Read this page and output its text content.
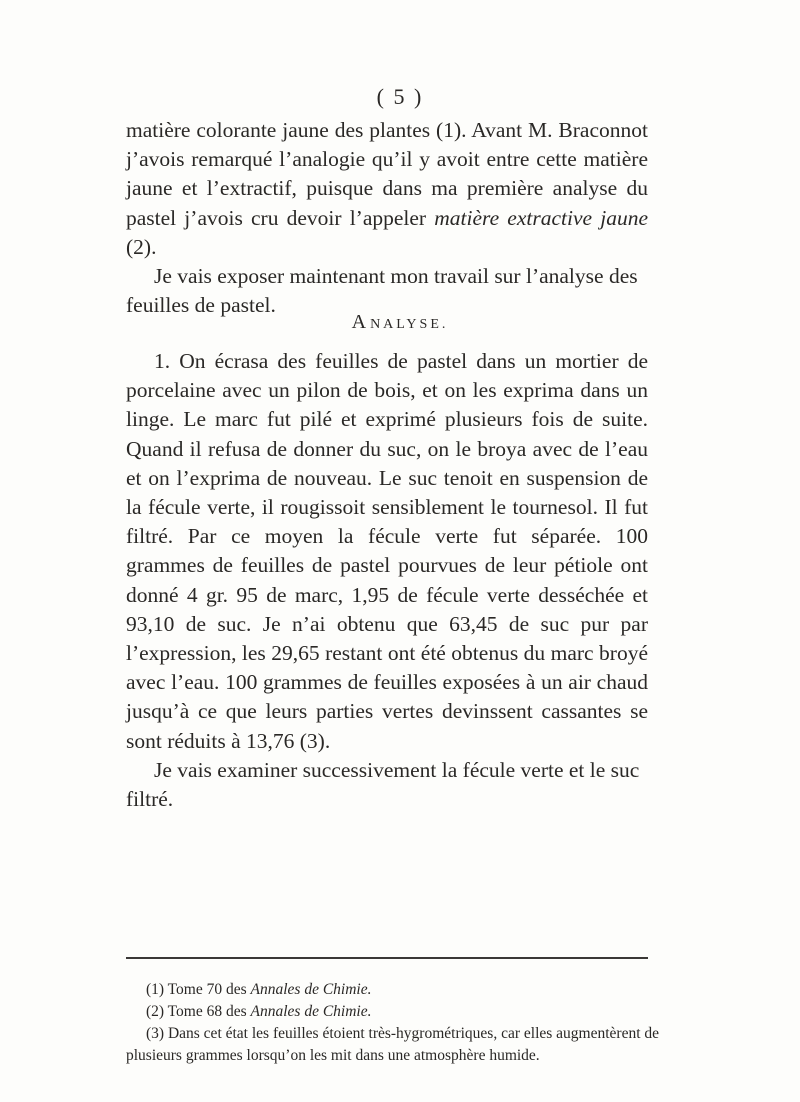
( 5 )

matière colorante jaune des plantes (1). Avant M. Braconnot j’avois remarqué l’analogie qu’il y avoit entre cette matière jaune et l’extractif, puisque dans ma première analyse du pastel j’avois cru devoir l’appeler matière extractive jaune (2).

Je vais exposer maintenant mon travail sur l’analyse des feuilles de pastel.

ANALYSE.

1. On écrasa des feuilles de pastel dans un mortier de porcelaine avec un pilon de bois, et on les exprima dans un linge. Le marc fut pilé et exprimé plusieurs fois de suite. Quand il refusa de donner du suc, on le broya avec de l’eau et on l’exprima de nouveau. Le suc tenoit en suspension de la fécule verte, il rougissoit sensiblement le tournesol. Il fut filtré. Par ce moyen la fécule verte fut séparée. 100 grammes de feuilles de pastel pourvues de leur pétiole ont donné 4 gr. 95 de marc, 1,95 de fécule verte desséchée et 93,10 de suc. Je n’ai obtenu que 63,45 de suc pur par l’expression, les 29,65 restant ont été obtenus du marc broyé avec l’eau. 100 grammes de feuilles exposées à un air chaud jusqu’à ce que leurs parties vertes devinssent cassantes se sont réduits à 13,76 (3).

Je vais examiner successivement la fécule verte et le suc filtré.

(1) Tome 70 des Annales de Chimie.

(2) Tome 68 des Annales de Chimie.

(3) Dans cet état les feuilles étoient très-hygrométriques, car elles augmentèrent de plusieurs grammes lorsqu’on les mit dans une atmosphère humide.
